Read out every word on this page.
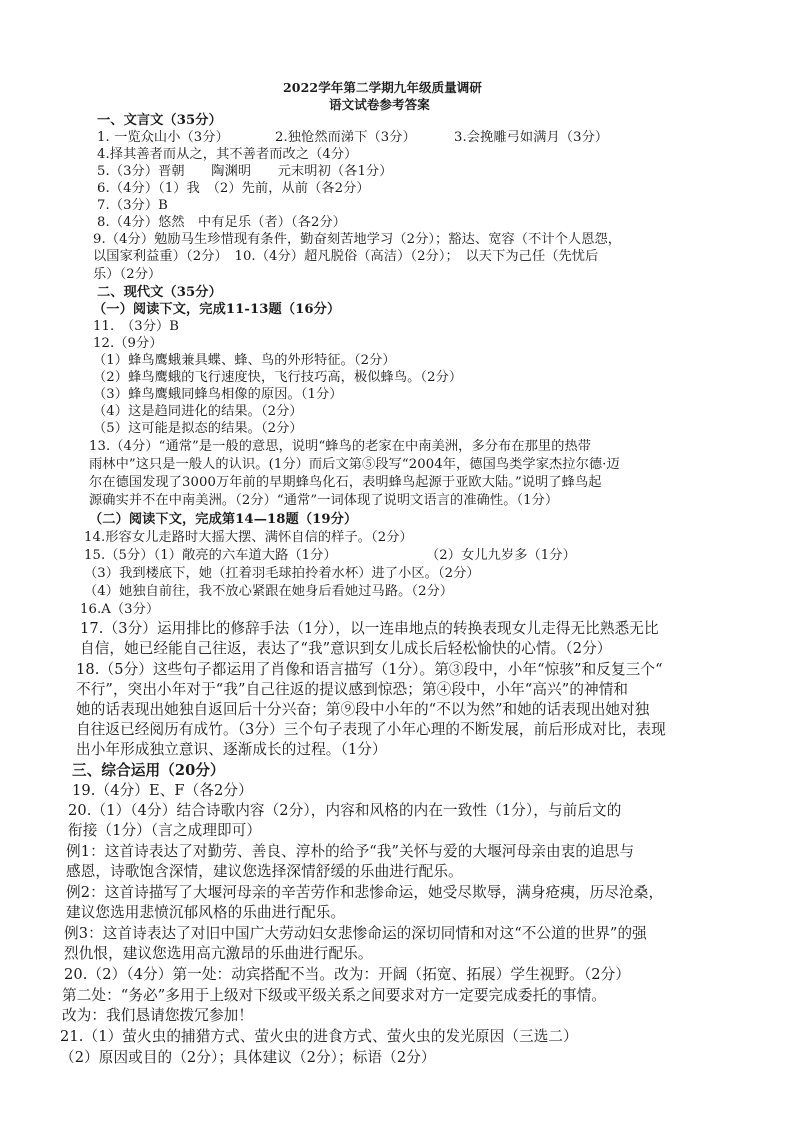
2022学年第二学期九年级质量调研
语文试卷参考答案
一、文言文（35分）
1. 一览众山小（3分）	2.独怆然而涕下（3分）	3.会挽雕弓如满月（3分）
4.择其善者而从之，其不善者而改之（4分）
5.（3分）晋朝　　陶渊明　　元末明初（各1分）
6.（4分）（1）我　（2）先前，从前（各2分）
7.（3分）B
8.（4分）悠然　中有足乐（者）（各2分）
9.（4分）勉励马生珍惜现有条件，勤奋刻苦地学习（2分）；豁达、宽容（不计个人恩怨，
以国家利益重）（2分）　10.（4分）超凡脱俗（高洁）（2分）；　以天下为己任（先忧后
乐）（2分）
二、现代文（35分）
（一）阅读下文，完成11-13题（16分）
11.　（3分）B
12.（9分）
（1）蜂鸟鹰蛾兼具蝶、蜂、鸟的外形特征。（2分）
（2）蜂鸟鹰蛾的飞行速度快，飞行技巧高，极似蜂鸟。（2分）
（3）蜂鸟鹰蛾同蜂鸟相像的原因。（1分）
（4）这是趋同进化的结果。（2分）
（5）这可能是拟态的结果。（2分）
13.（4分）“通常”是一般的意思，说明“蜂鸟的老家在中南美洲，多分布在那里的热带
雨林中”这只是一般人的认识。(1分）而后文第⑤段写“2004年，德国鸟类学家杰拉尔德·迈
尔在德国发现了3000万年前的早期蜂鸟化石，表明蜂鸟起源于亚欧大陆。”说明了蜂鸟起
源确实并不在中南美洲。（2分）“通常”一词体现了说明文语言的准确性。（1分）
（二）阅读下文，完成第14—18题（19分）
14.形容女儿走路时大摇大摆、满怀自信的样子。（2分）
15.（5分）（1）敞亮的六车道大路（1分）	（2）女儿九岁多（1分）
（3）我到楼底下，她（扛着羽毛球拍拎着水杯）进了小区。（2分）
（4）她独自前往，我不放心紧跟在她身后看她过马路。（2分）
16.A（3分）
17.（3分）运用排比的修辞手法（1分），以一连串地点的转换表现女儿走得无比熟悉无比
自信，她已经能自己往返，表达了“我”意识到女儿成长后轻松愉快的心情。（2分）
18.（5分）这些句子都运用了肖像和语言描写（1分）。第③段中，小年“惊骇”和反复三个“
不行”，突出小年对于“我”自己往返的提议感到惊恐；第④段中，小年“高兴”的神情和
她的话表现出她独自返回后十分兴奋；第⑨段中小年的“不以为然”和她的话表现出她对独
自往返已经阅历有成竹。（3分）三个句子表现了小年心理的不断发展，前后形成对比，表现
出小年形成独立意识、逐渐成长的过程。（1分）
三、综合运用（20分）
19.（4分）E、F（各2分）
20.（1）（4分）结合诗歌内容（2分），内容和风格的内在一致性（1分），与前后文的
衔接（1分）（言之成理即可）
例1：这首诗表达了对勤劳、善良、淳朴的给予“我”关怀与爱的大堰河母亲由衷的追思与
感恩，诗歌饱含深情，建议您选择深情舒缓的乐曲进行配乐。
例2：这首诗描写了大堰河母亲的辛苦劳作和悲惨命运，她受尽欺辱，满身疮痍，历尽沧桑，
建议您选用悲愤沉郁风格的乐曲进行配乐。
例3：这首诗表达了对旧中国广大劳动妇女悲惨命运的深切同情和对这“不公道的世界”的强
烈仇恨，建议您选用高亢激昂的乐曲进行配乐。
20.（2）（4分）第一处：动宾搭配不当。改为：开阔（拓宽、拓展）学生视野。（2分）
第二处：“务必”多用于上级对下级或平级关系之间要求对方一定要完成委托的事情。
改为：我们恳请您拨冗参加！
21.（1）萤火虫的捕猎方式、萤火虫的进食方式、萤火虫的发光原因（三选二）
（2）原因或目的（2分）；具体建议（2分）；标语（2分）
